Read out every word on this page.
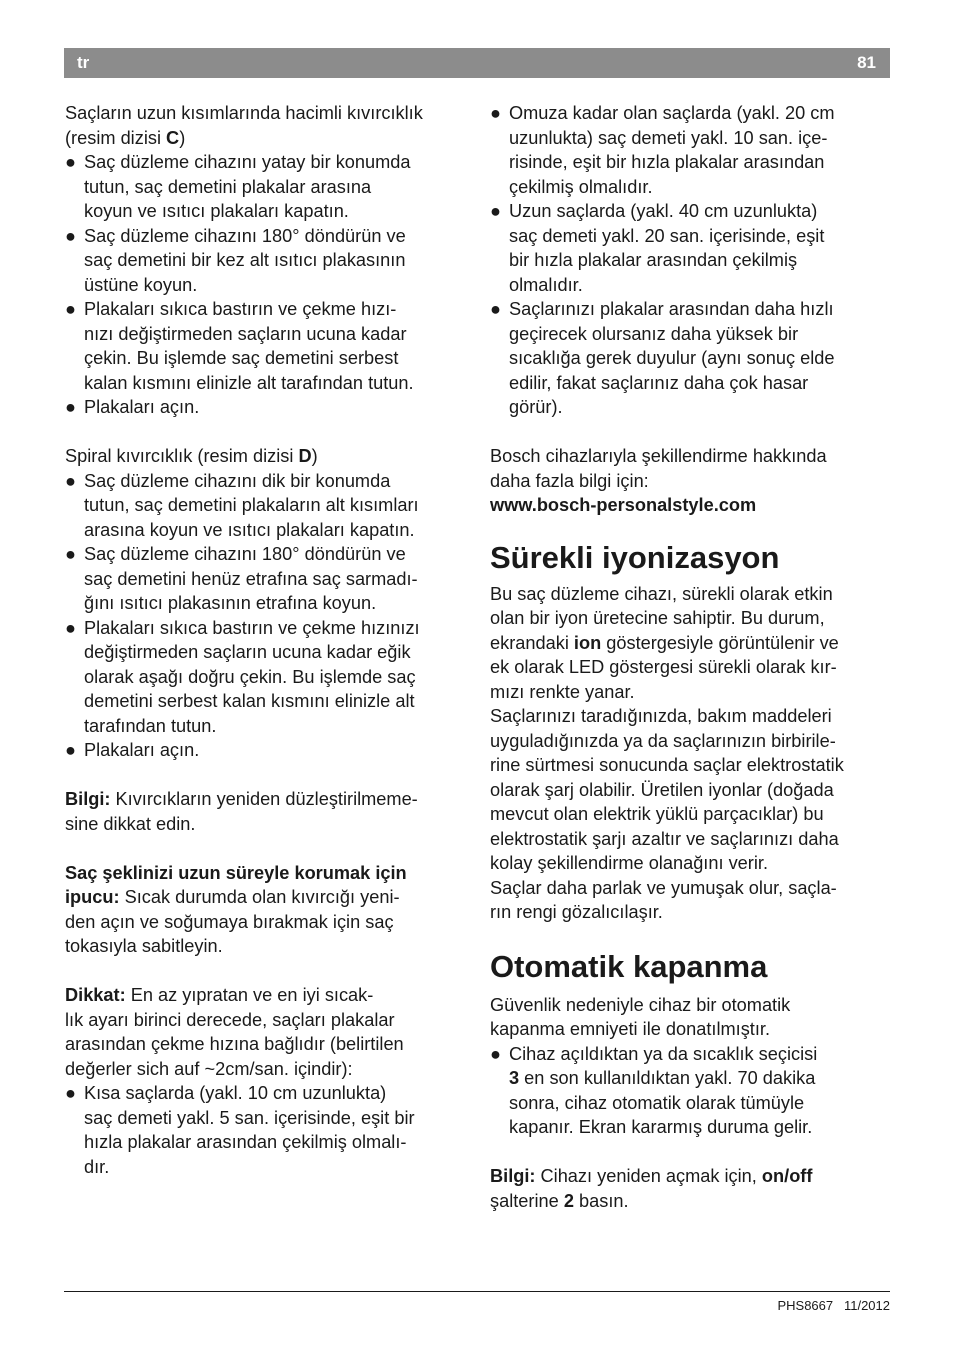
tr	81

Saçların uzun kısımlarında hacimli kıvırcıklık

(resim dizisi C)

● Saç düzleme cihazını yatay bir konumda
tutun, saç demetini plakalar arasına
koyun ve ısıtıcı plakaları kapatın.
● Saç düzleme cihazını 180° döndürün ve
saç demetini bir kez alt ısıtıcı plakasının
üstüne koyun.
● Plakaları sıkıca bastırın ve çekme hızı-
nızı değiştirmeden saçların ucuna kadar
çekin. Bu işlemde saç demetini serbest
kalan kısmını elinizle alt tarafından tutun.
● Plakaları açın.

Spiral kıvırcıklık (resim dizisi D)

● Saç düzleme cihazını dik bir konumda
tutun, saç demetini plakaların alt kısımları
arasına koyun ve ısıtıcı plakaları kapatın.
● Saç düzleme cihazını 180° döndürün ve
saç demetini henüz etrafına saç sarmadı-
ğını ısıtıcı plakasının etrafına koyun.
● Plakaları sıkıca bastırın ve çekme hızınızı
değiştirmeden saçların ucuna kadar eğik
olarak aşağı doğru çekin. Bu işlemde saç
demetini serbest kalan kısmını elinizle alt
tarafından tutun.
● Plakaları açın.

Bilgi: Kıvırcıkların yeniden düzleştirilmeme-

sine dikkat edin.

Saç şeklinizi uzun süreyle korumak için

ipucu: Sıcak durumda olan kıvırcığı yeni-

den açın ve soğumaya bırakmak için saç

tokasıyla sabitleyin.

Dikkat: En az yıpratan ve en iyi sıcak-

lık ayarı birinci derecede, saçları plakalar

arasından çekme hızına bağlıdır (belirtilen

değerler sich auf ~2cm/san. içindir):

● Kısa saçlarda (yakl. 10 cm uzunlukta)
saç demeti yakl. 5 san. içerisinde, eşit bir
hızla plakalar arasından çekilmiş olmalı-
dır.
● Omuza kadar olan saçlarda (yakl. 20 cm
uzunlukta) saç demeti yakl. 10 san. içe-
risinde, eşit bir hızla plakalar arasından
çekilmiş olmalıdır.
● Uzun saçlarda (yakl. 40 cm uzunlukta)
saç demeti yakl. 20 san. içerisinde, eşit
bir hızla plakalar arasından çekilmiş
olmalıdır.
● Saçlarınızı plakalar arasından daha hızlı
geçirecek olursanız daha yüksek bir
sıcaklığa gerek duyulur (aynı sonuç elde
edilir, fakat saçlarınız daha çok hasar
görür).

Bosch cihazlarıyla şekillendirme hakkında

daha fazla bilgi için:

www.bosch-personalstyle.com

Sürekli iyonizasyon

Bu saç düzleme cihazı, sürekli olarak etkin

olan bir iyon üretecine sahiptir. Bu durum,

ekrandaki ion göstergesiyle görüntülenir ve

ek olarak LED göstergesi sürekli olarak kır-

mızı renkte yanar.

Saçlarınızı taradığınızda, bakım maddeleri

uyguladığınızda ya da saçlarınızın birbirile-

rine sürtmesi sonucunda saçlar elektrostatik

olarak şarj olabilir. Üretilen iyonlar (doğada

mevcut olan elektrik yüklü parçacıklar) bu

elektrostatik şarjı azaltır ve saçlarınızı daha

kolay şekillendirme olanağını verir.

Saçlar daha parlak ve yumuşak olur, saçla-

rın rengi gözalıcılaşır.

Otomatik kapanma

Güvenlik nedeniyle cihaz bir otomatik

kapanma emniyeti ile donatılmıştır.

● Cihaz açıldıktan ya da sıcaklık seçicisi
3 en son kullanıldıktan yakl. 70 dakika
sonra, cihaz otomatik olarak tümüyle
kapanır. Ekran kararmış duruma gelir.

Bilgi: Cihazı yeniden açmak için, on/off

şalterine 2 basın.

PHS8667 11/2012
